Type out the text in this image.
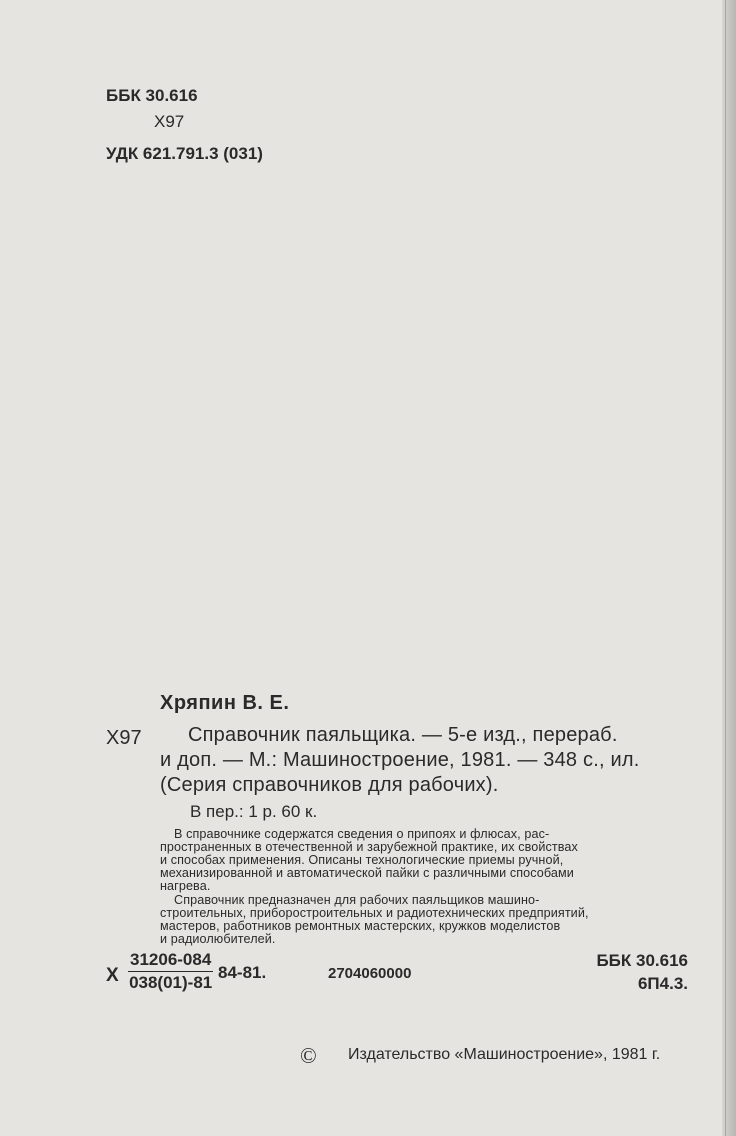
ББК 30.616

Х97

УДК 621.791.3 (031)

Хряпин В. Е.

Х97 Справочник паяльщика. — 5-е изд., перераб.

и доп. — М.: Машиностроение, 1981. — 348 с., ил.

(Серия справочников для рабочих).

В пер.: 1 р. 60 к.

В справочнике содержатся сведения о припоях и флюсах, рас-

пространенных в отечественной и зарубежной практике, их свойствах

и способах применения. Описаны технологические приемы ручной,

механизированной и автоматической пайки с различными способами

нагрева.

Справочник предназначен для рабочих паяльщиков машино-

строительных, приборостроительных и радиотехнических предприятий,

мастеров, работников ремонтных мастерских, кружков моделистов

и радиолюбителей.

Х $\frac{31206-084}{038(01)-81} 84-81$.	2704060000

ББК 30.616

6П4.3.

© Издательство «Машиностроение», 1981 г.
